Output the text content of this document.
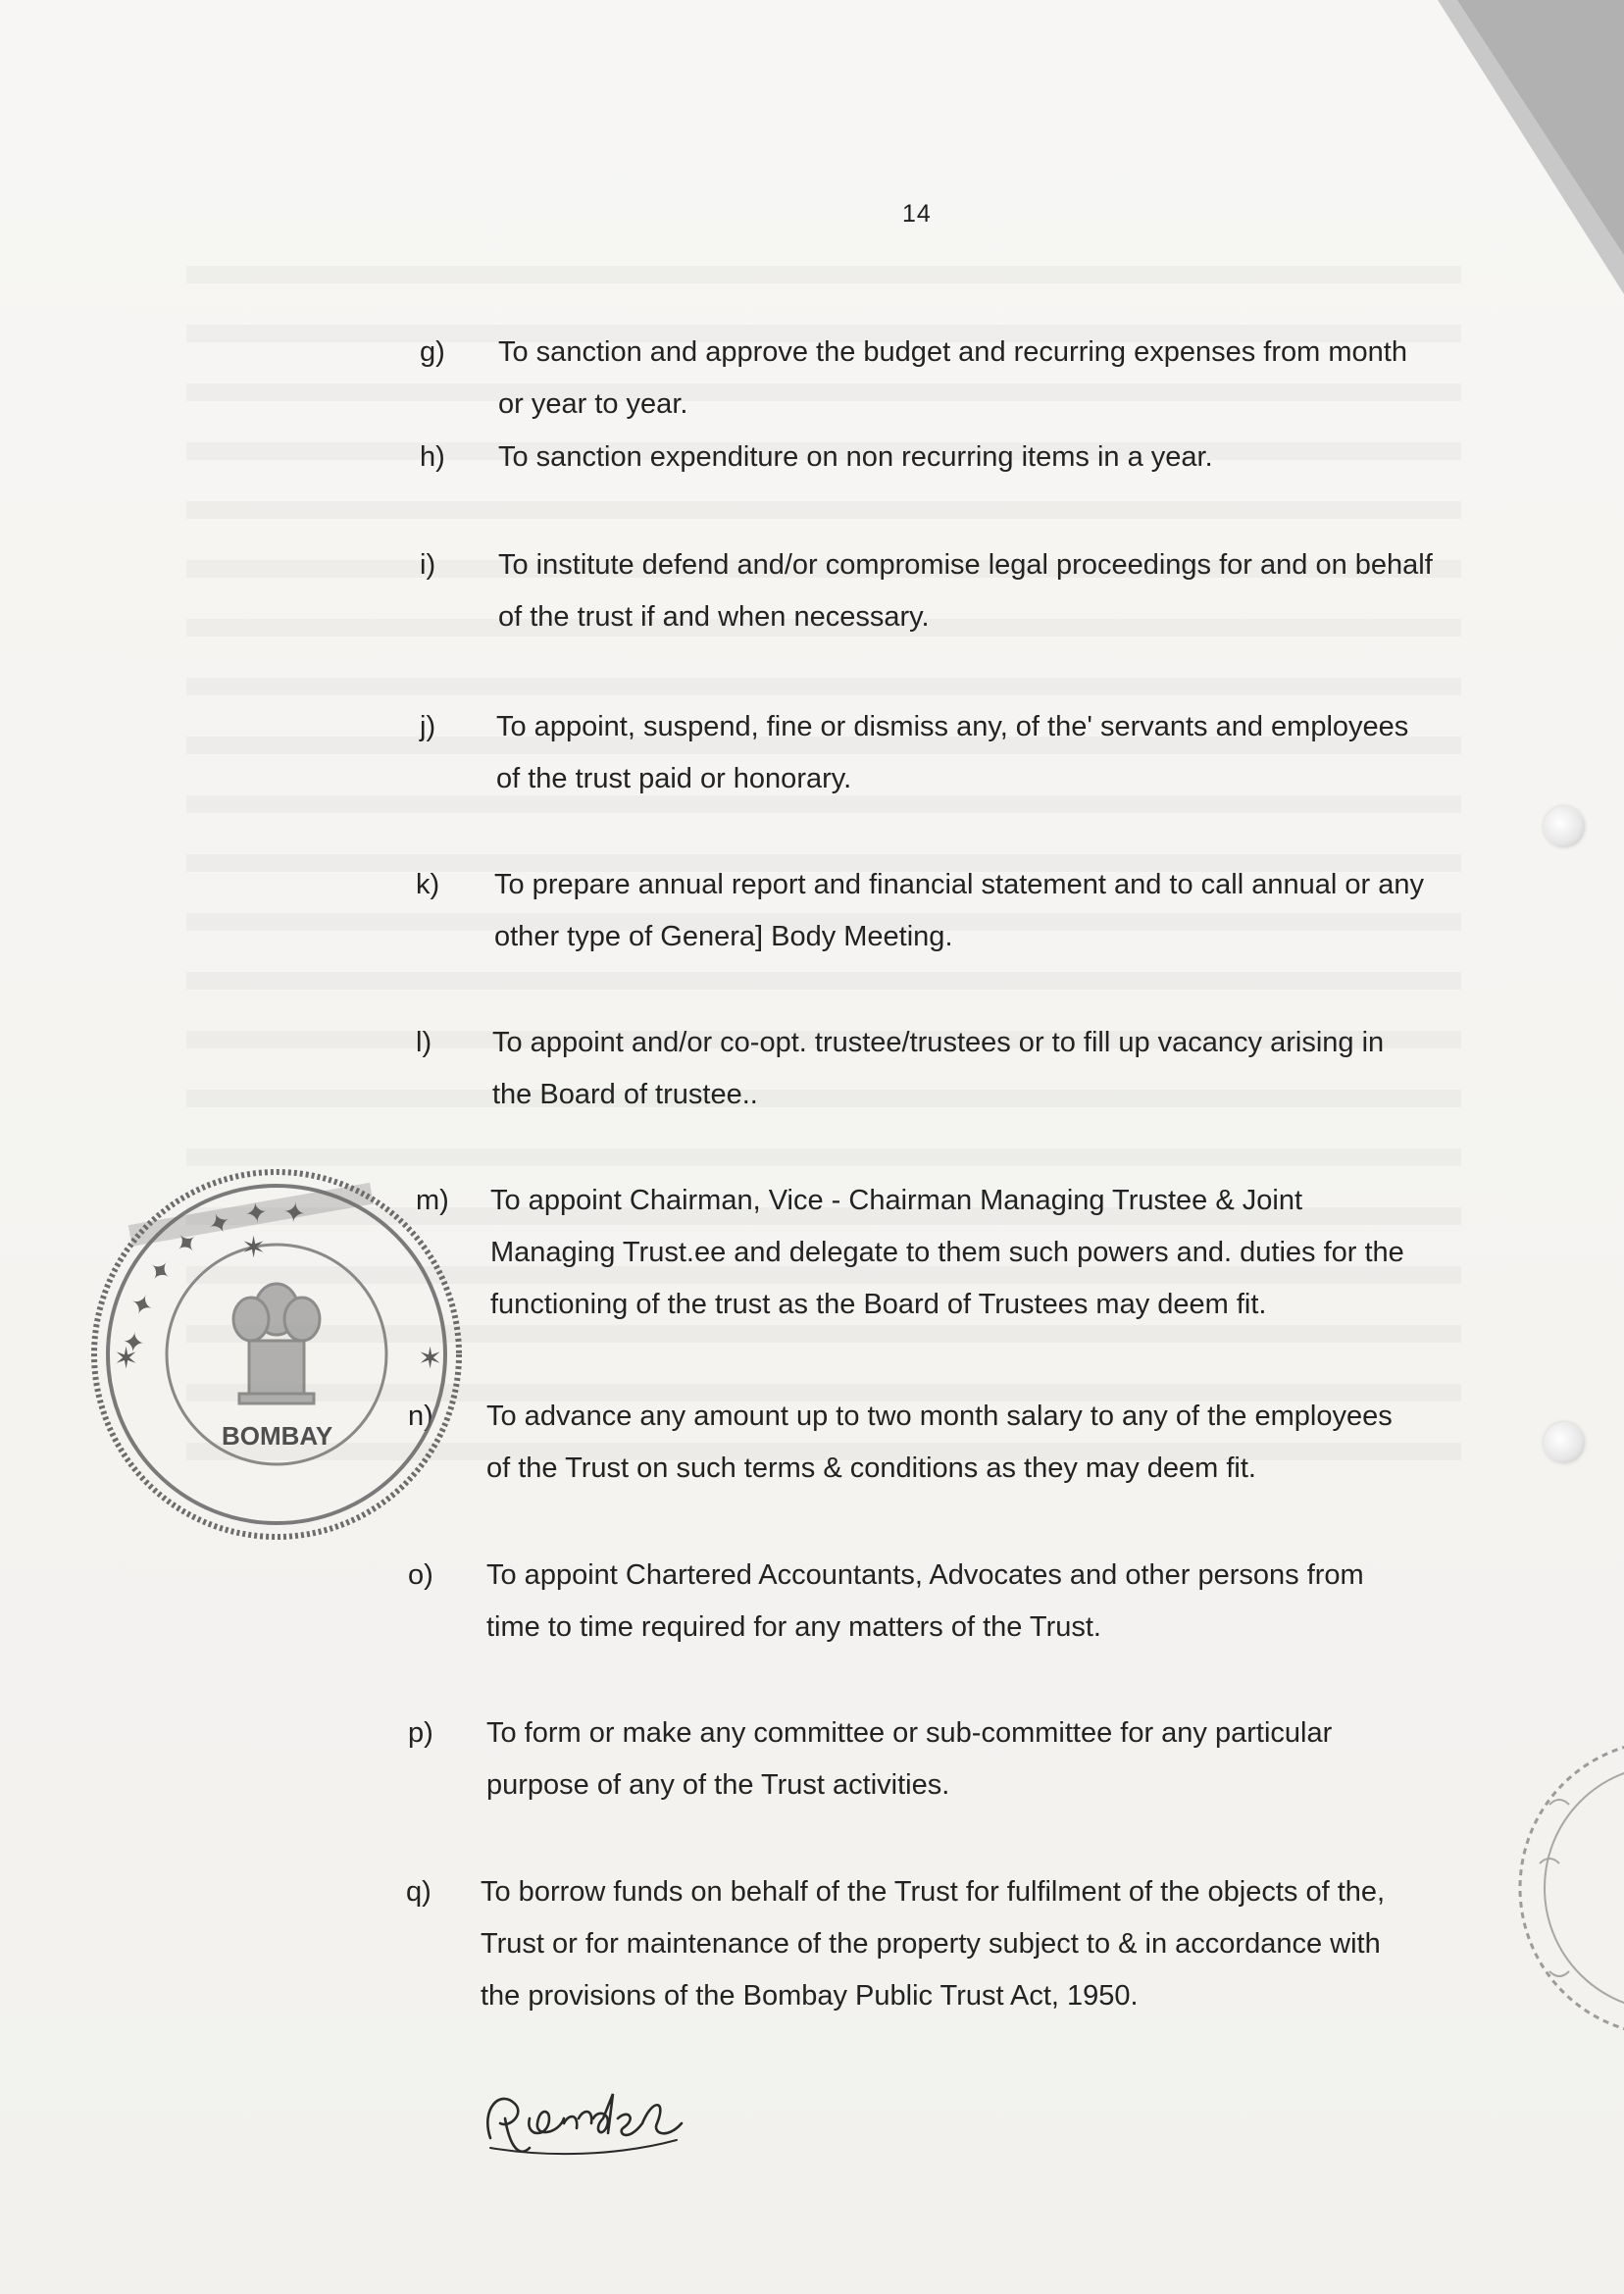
14
g) To sanction and approve the budget and recurring expenses from month
or year to year.
h) To sanction expenditure on non recurring items in a year.
i) To institute defend and/or compromise legal proceedings for and on behalf
of the trust if and when necessary.
j) To appoint, suspend, fine or dismiss any, of the' servants and employees
of the trust paid or honorary.
k) To prepare annual report and financial statement and to call annual or any
other type of Genera] Body Meeting.
l) To appoint and/or co-opt. trustee/trustees or to fill up vacancy arising in
the Board of trustee..
m) To appoint Chairman, Vice - Chairman Managing Trustee & Joint
Managing Trust.ee and delegate to them such powers and. duties for the
functioning of the trust as the Board of Trustees may deem fit.
n) To advance any amount up to two month salary to any of the employees
of the Trust on such terms & conditions as they may deem fit.
o) To appoint Chartered Accountants, Advocates and other persons from
time to time required for any matters of the Trust.
p) To form or make any committee or sub-committee for any particular
purpose of any of the Trust activities.
q) To borrow funds on behalf of the Trust for fulfilment of the objects of the,
Trust or for maintenance of the property subject to & in accordance with
the provisions of the Bombay Public Trust Act, 1950.
✦ ✦ ✦ ✦ ✦ ✦ ✦
✶
✶	✶
BOMBAY
